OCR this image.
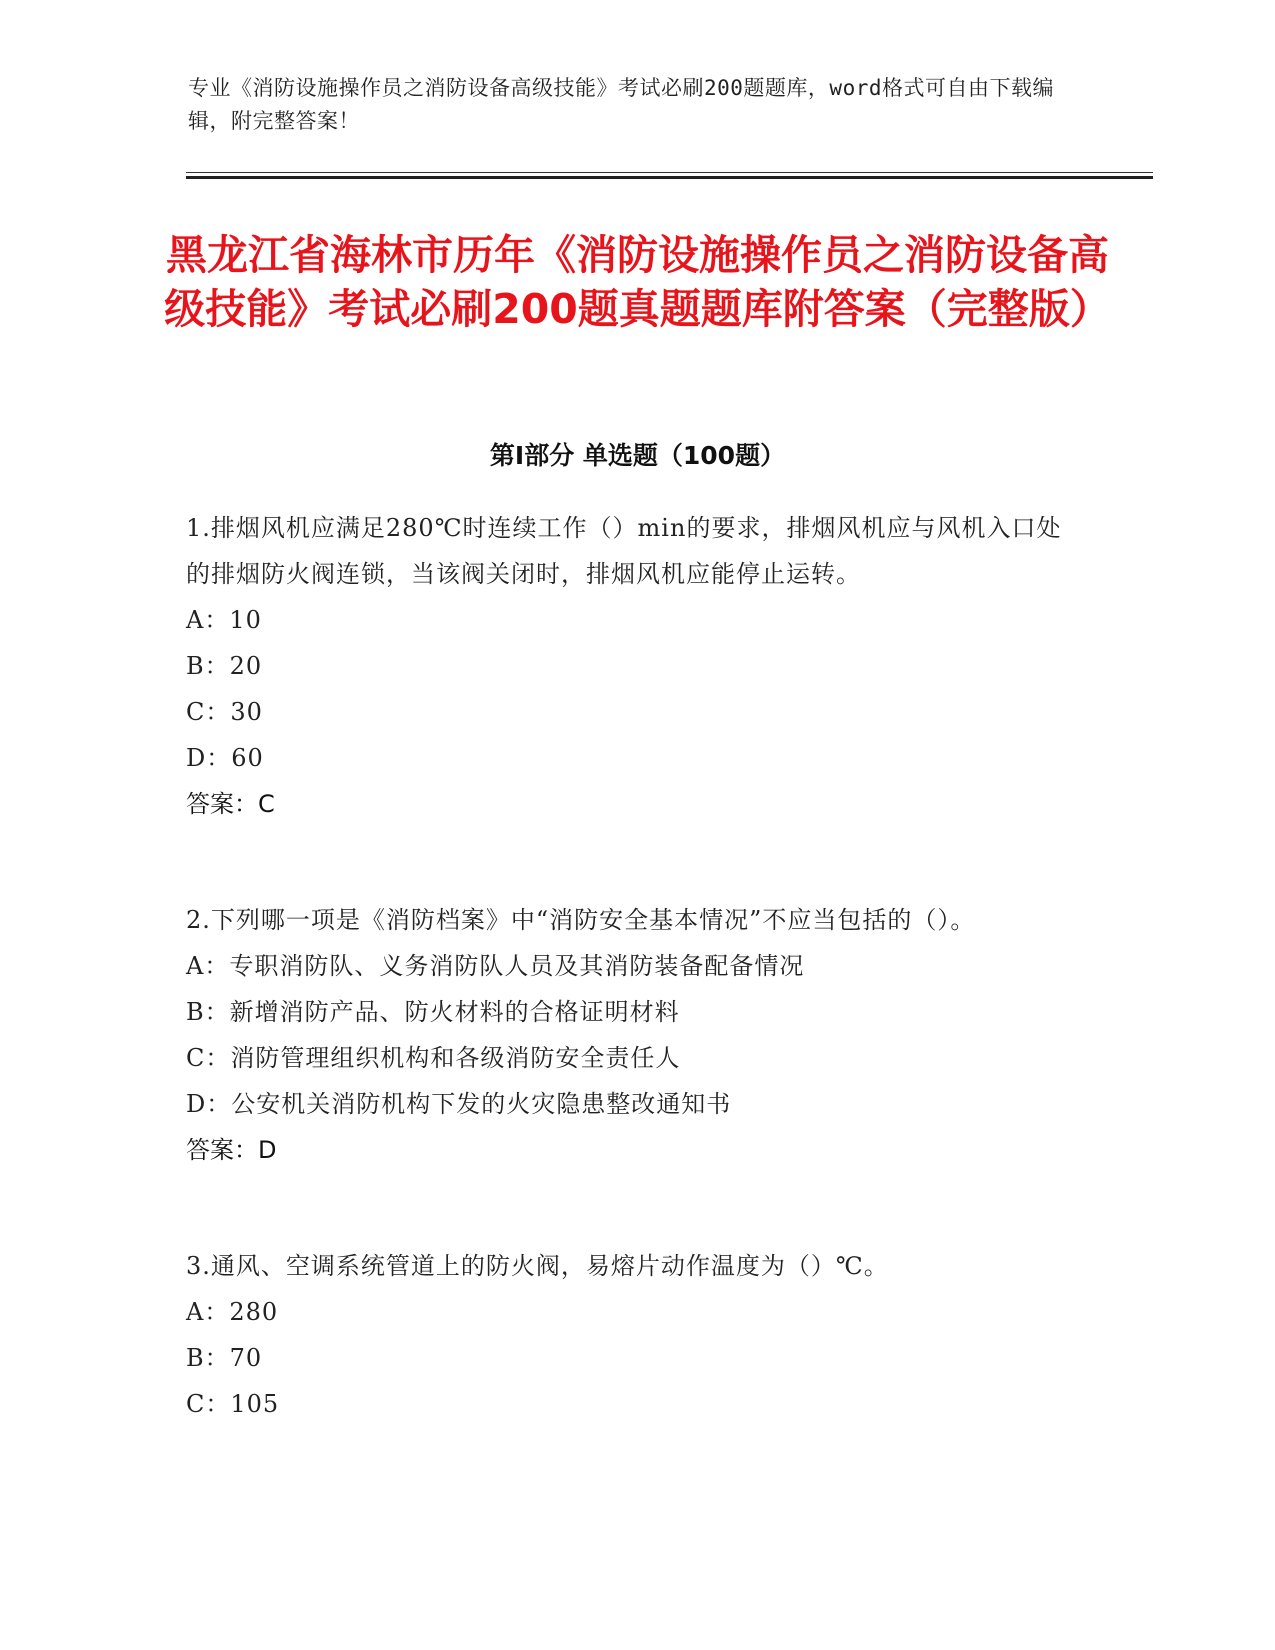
专业《消防设施操作员之消防设备高级技能》考试必刷200题题库，word格式可自由下载编辑，附完整答案！
黑龙江省海林市历年《消防设施操作员之消防设备高级技能》考试必刷200题真题题库附答案（完整版）
第Ⅰ部分 单选题（100题）
1.排烟风机应满足280℃时连续工作（）min的要求，排烟风机应与风机入口处的排烟防火阀连锁，当该阀关闭时，排烟风机应能停止运转。
A：10
B：20
C：30
D：60
答案：C
2.下列哪一项是《消防档案》中“消防安全基本情况”不应当包括的（）。
A：专职消防队、义务消防队人员及其消防装备配备情况
B：新增消防产品、防火材料的合格证明材料
C：消防管理组织机构和各级消防安全责任人
D：公安机关消防机构下发的火灾隐患整改通知书
答案：D
3.通风、空调系统管道上的防火阀，易熔片动作温度为（）℃。
A：280
B：70
C：105
